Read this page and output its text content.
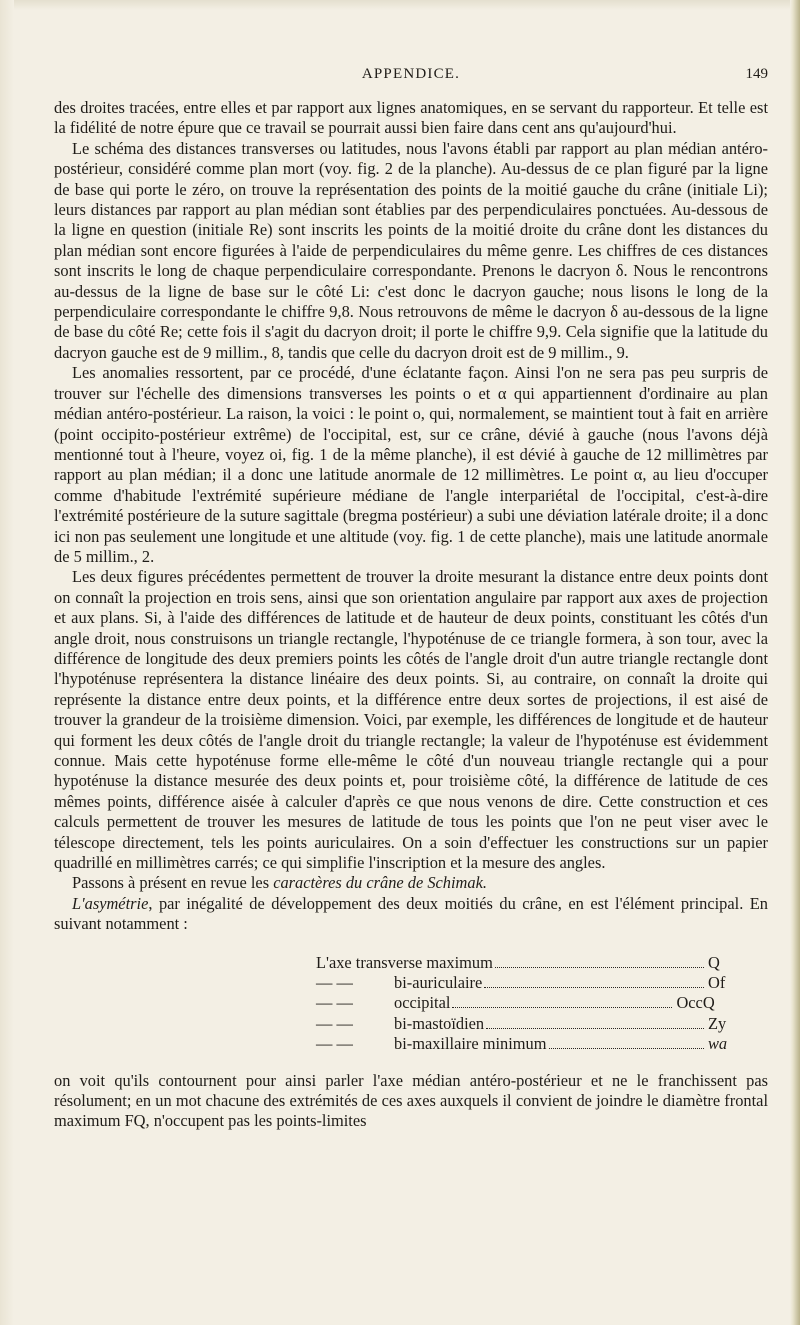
APPENDICE.	149

des droites tracées, entre elles et par rapport aux lignes anatomiques, en se servant du rapporteur. Et telle est la fidélité de notre épure que ce travail se pourrait aussi bien faire dans cent ans qu'aujourd'hui.

Le schéma des distances transverses ou latitudes, nous l'avons établi par rapport au plan médian antéro-postérieur, considéré comme plan mort (voy. fig. 2 de la planche). Au-dessus de ce plan figuré par la ligne de base qui porte le zéro, on trouve la représentation des points de la moitié gauche du crâne (initiale Li); leurs distances par rapport au plan médian sont établies par des perpendiculaires ponctuées. Au-dessous de la ligne en question (initiale Re) sont inscrits les points de la moitié droite du crâne dont les distances du plan médian sont encore figurées à l'aide de perpendiculaires du même genre. Les chiffres de ces distances sont inscrits le long de chaque perpendiculaire correspondante. Prenons le dacryon δ. Nous le rencontrons au-dessus de la ligne de base sur le côté Li: c'est donc le dacryon gauche; nous lisons le long de la perpendiculaire correspondante le chiffre 9,8. Nous retrouvons de même le dacryon δ au-dessous de la ligne de base du côté Re; cette fois il s'agit du dacryon droit; il porte le chiffre 9,9. Cela signifie que la latitude du dacryon gauche est de 9 millim., 8, tandis que celle du dacryon droit est de 9 millim., 9.

Les anomalies ressortent, par ce procédé, d'une éclatante façon. Ainsi l'on ne sera pas peu surpris de trouver sur l'échelle des dimensions transverses les points o et α qui appartiennent d'ordinaire au plan médian antéro-postérieur. La raison, la voici : le point o, qui, normalement, se maintient tout à fait en arrière (point occipito-postérieur extrême) de l'occipital, est, sur ce crâne, dévié à gauche (nous l'avons déjà mentionné tout à l'heure, voyez oi, fig. 1 de la même planche), il est dévié à gauche de 12 millimètres par rapport au plan médian; il a donc une latitude anormale de 12 millimètres. Le point α, au lieu d'occuper comme d'habitude l'extrémité supérieure médiane de l'angle interpariétal de l'occipital, c'est-à-dire l'extrémité postérieure de la suture sagittale (bregma postérieur) a subi une déviation latérale droite; il a donc ici non pas seulement une longitude et une altitude (voy. fig. 1 de cette planche), mais une latitude anormale de 5 millim., 2.

Les deux figures précédentes permettent de trouver la droite mesurant la distance entre deux points dont on connaît la projection en trois sens, ainsi que son orientation angulaire par rapport aux axes de projection et aux plans. Si, à l'aide des différences de latitude et de hauteur de deux points, constituant les côtés d'un angle droit, nous construisons un triangle rectangle, l'hypoténuse de ce triangle formera, à son tour, avec la différence de longitude des deux premiers points les côtés de l'angle droit d'un autre triangle rectangle dont l'hypoténuse représentera la distance linéaire des deux points. Si, au contraire, on connaît la droite qui représente la distance entre deux points, et la différence entre deux sortes de projections, il est aisé de trouver la grandeur de la troisième dimension. Voici, par exemple, les différences de longitude et de hauteur qui forment les deux côtés de l'angle droit du triangle rectangle; la valeur de l'hypoténuse est évidemment connue. Mais cette hypoténuse forme elle-même le côté d'un nouveau triangle rectangle qui a pour hypoténuse la distance mesurée des deux points et, pour troisième côté, la différence de latitude de ces mêmes points, différence aisée à calculer d'après ce que nous venons de dire. Cette construction et ces calculs permettent de trouver les mesures de latitude de tous les points que l'on ne peut viser avec le télescope directement, tels les points auriculaires. On a soin d'effectuer les constructions sur un papier quadrillé en millimètres carrés; ce qui simplifie l'inscription et la mesure des angles.

Passons à présent en revue les caractères du crâne de Schimak.

L'asymétrie, par inégalité de développement des deux moitiés du crâne, en est l'élément principal. En suivant notamment :

L'axe transverse maximum	Q
— —	bi-auriculaire	Of
— —	occipital	OccQ
— —	bi-mastoïdien	Zy
— —	bi-maxillaire minimum	wa

on voit qu'ils contournent pour ainsi parler l'axe médian antéro-postérieur et ne le franchissent pas résolument; en un mot chacune des extrémités de ces axes auxquels il convient de joindre le diamètre frontal maximum FQ, n'occupent pas les points-limites
